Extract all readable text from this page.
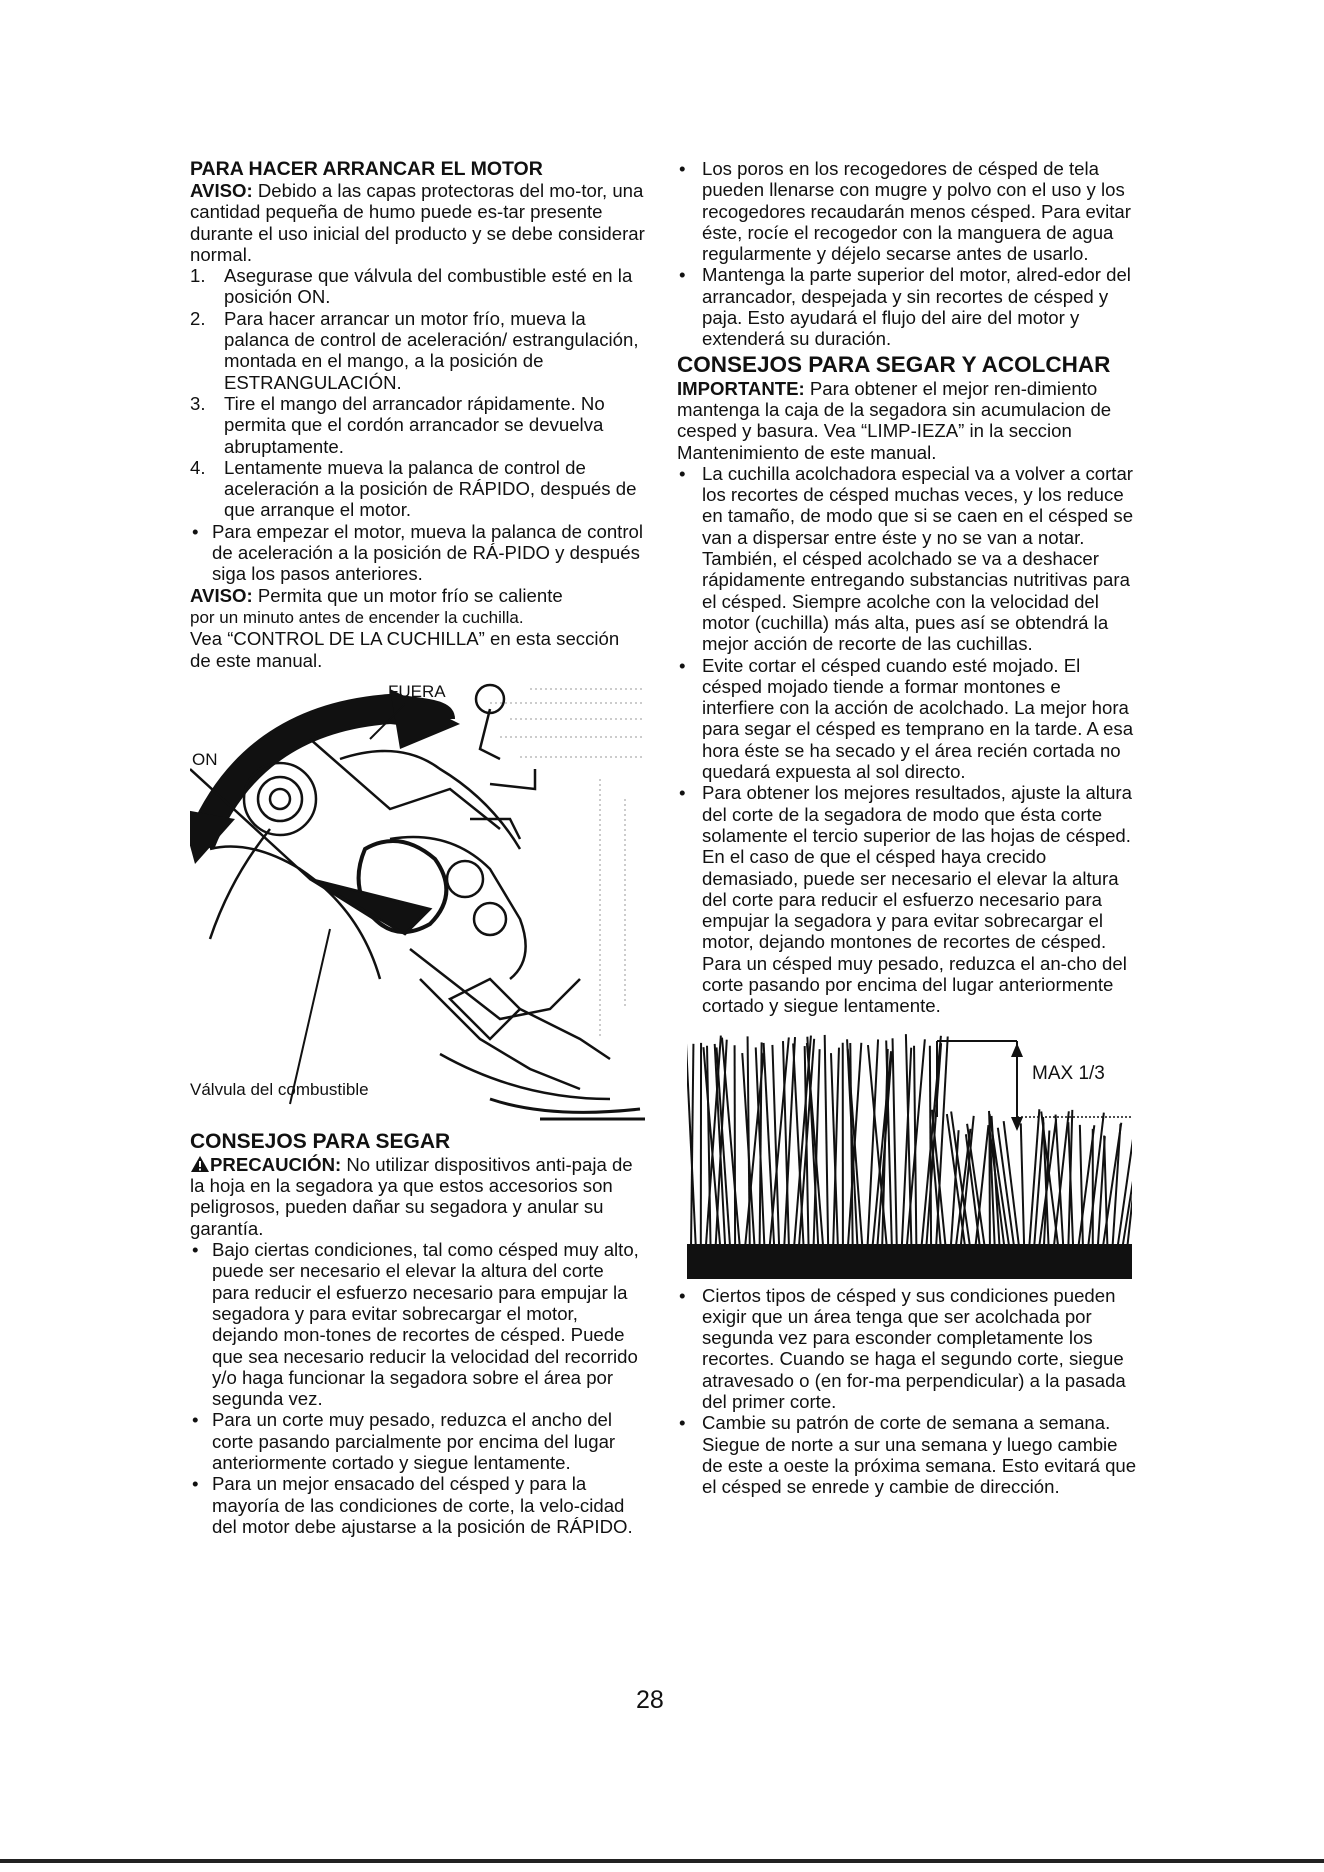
PARA HACER ARRANCAR EL MOTOR

AVISO: Debido a las capas protectoras del mo-tor, una cantidad pequeña de humo puede es-tar presente durante el uso inicial del producto y se debe considerar normal.

1. Asegurase que válvula del combustible esté en la posición ON.
2. Para hacer arrancar un motor frío, mueva la palanca de control de aceleración/ estrangulación, montada en el mango, a la posición de ESTRANGULACIÓN.
3. Tire el mango del arrancador rápidamente. No permita que el cordón arrancador se devuelva abruptamente.
4. Lentamente mueva la palanca de control de aceleración a la posición de RÁPIDO, después de que arranque el motor.
• Para empezar el motor, mueva la palanca de control de aceleración a la posición de RÁ-PIDO y después siga los pasos anteriores.

AVISO: Permita que un motor frío se caliente
por un minuto antes de encender la cuchilla.
Vea “CONTROL DE LA CUCHILLA” en esta sección de este manual.

FUERA
ON
Válvula del combustible
CONSEJOS PARA SEGAR

PRECAUCIÓN: No utilizar dispositivos anti-paja de la hoja en la segadora ya que estos accesorios son peligrosos, pueden dañar su segadora y anular su garantía.

• Bajo ciertas condiciones, tal como césped muy alto, puede ser necesario el elevar la altura del corte para reducir el esfuerzo necesario para empujar la segadora y para evitar sobrecargar el motor, dejando mon-tones de recortes de césped. Puede que sea necesario reducir la velocidad del recorrido y/o haga funcionar la segadora sobre el área por segunda vez.
• Para un corte muy pesado, reduzca el ancho del corte pasando parcialmente por encima del lugar anteriormente cortado y siegue lentamente.
• Para un mejor ensacado del césped y para la mayoría de las condiciones de corte, la velo-cidad del motor debe ajustarse a la posición de RÁPIDO.
• Los poros en los recogedores de césped de tela pueden llenarse con mugre y polvo con el uso y los recogedores recaudarán menos césped. Para evitar éste, rocíe el recogedor con la manguera de agua regularmente y déjelo secarse antes de usarlo.
• Mantenga la parte superior del motor, alred-edor del arrancador, despejada y sin recortes de césped y paja. Esto ayudará el flujo del aire del motor y extenderá su duración.
CONSEJOS PARA SEGAR Y ACOLCHAR

IMPORTANTE: Para obtener el mejor ren-dimiento mantenga la caja de la segadora sin acumulacion de cesped y basura. Vea “LIMP-IEZA” in la seccion Mantenimiento de este manual.

• La cuchilla acolchadora especial va a volver a cortar los recortes de césped muchas veces, y los reduce en tamaño, de modo que si se caen en el césped se van a dispersar entre éste y no se van a notar. También, el césped acolchado se va a deshacer rápidamente entregando substancias nutritivas para el césped. Siempre acolche con la velocidad del motor (cuchilla) más alta, pues así se obtendrá la mejor acción de recorte de las cuchillas.
• Evite cortar el césped cuando esté mojado. El césped mojado tiende a formar montones e interfiere con la acción de acolchado. La mejor hora para segar el césped es temprano en la tarde. A esa hora éste se ha secado y el área recién cortada no quedará expuesta al sol directo.
• Para obtener los mejores resultados, ajuste la altura del corte de la segadora de modo que ésta corte solamente el tercio superior de las hojas de césped. En el caso de que el césped haya crecido demasiado, puede ser necesario el elevar la altura del corte para reducir el esfuerzo necesario para empujar la segadora y para evitar sobrecargar el motor, dejando montones de recortes de césped. Para un césped muy pesado, reduzca el an-cho del corte pasando por encima del lugar anteriormente cortado y siegue lentamente.
MAX 1/3
• Ciertos tipos de césped y sus condiciones pueden exigir que un área tenga que ser acolchada por segunda vez para esconder completamente los recortes. Cuando se haga el segundo corte, siegue atravesado o (en for-ma perpendicular) a la pasada del primer corte.
• Cambie su patrón de corte de semana a semana. Siegue de norte a sur una semana y luego cambie de este a oeste la próxima semana. Esto evitará que el césped se enrede y cambie de dirección.
28
